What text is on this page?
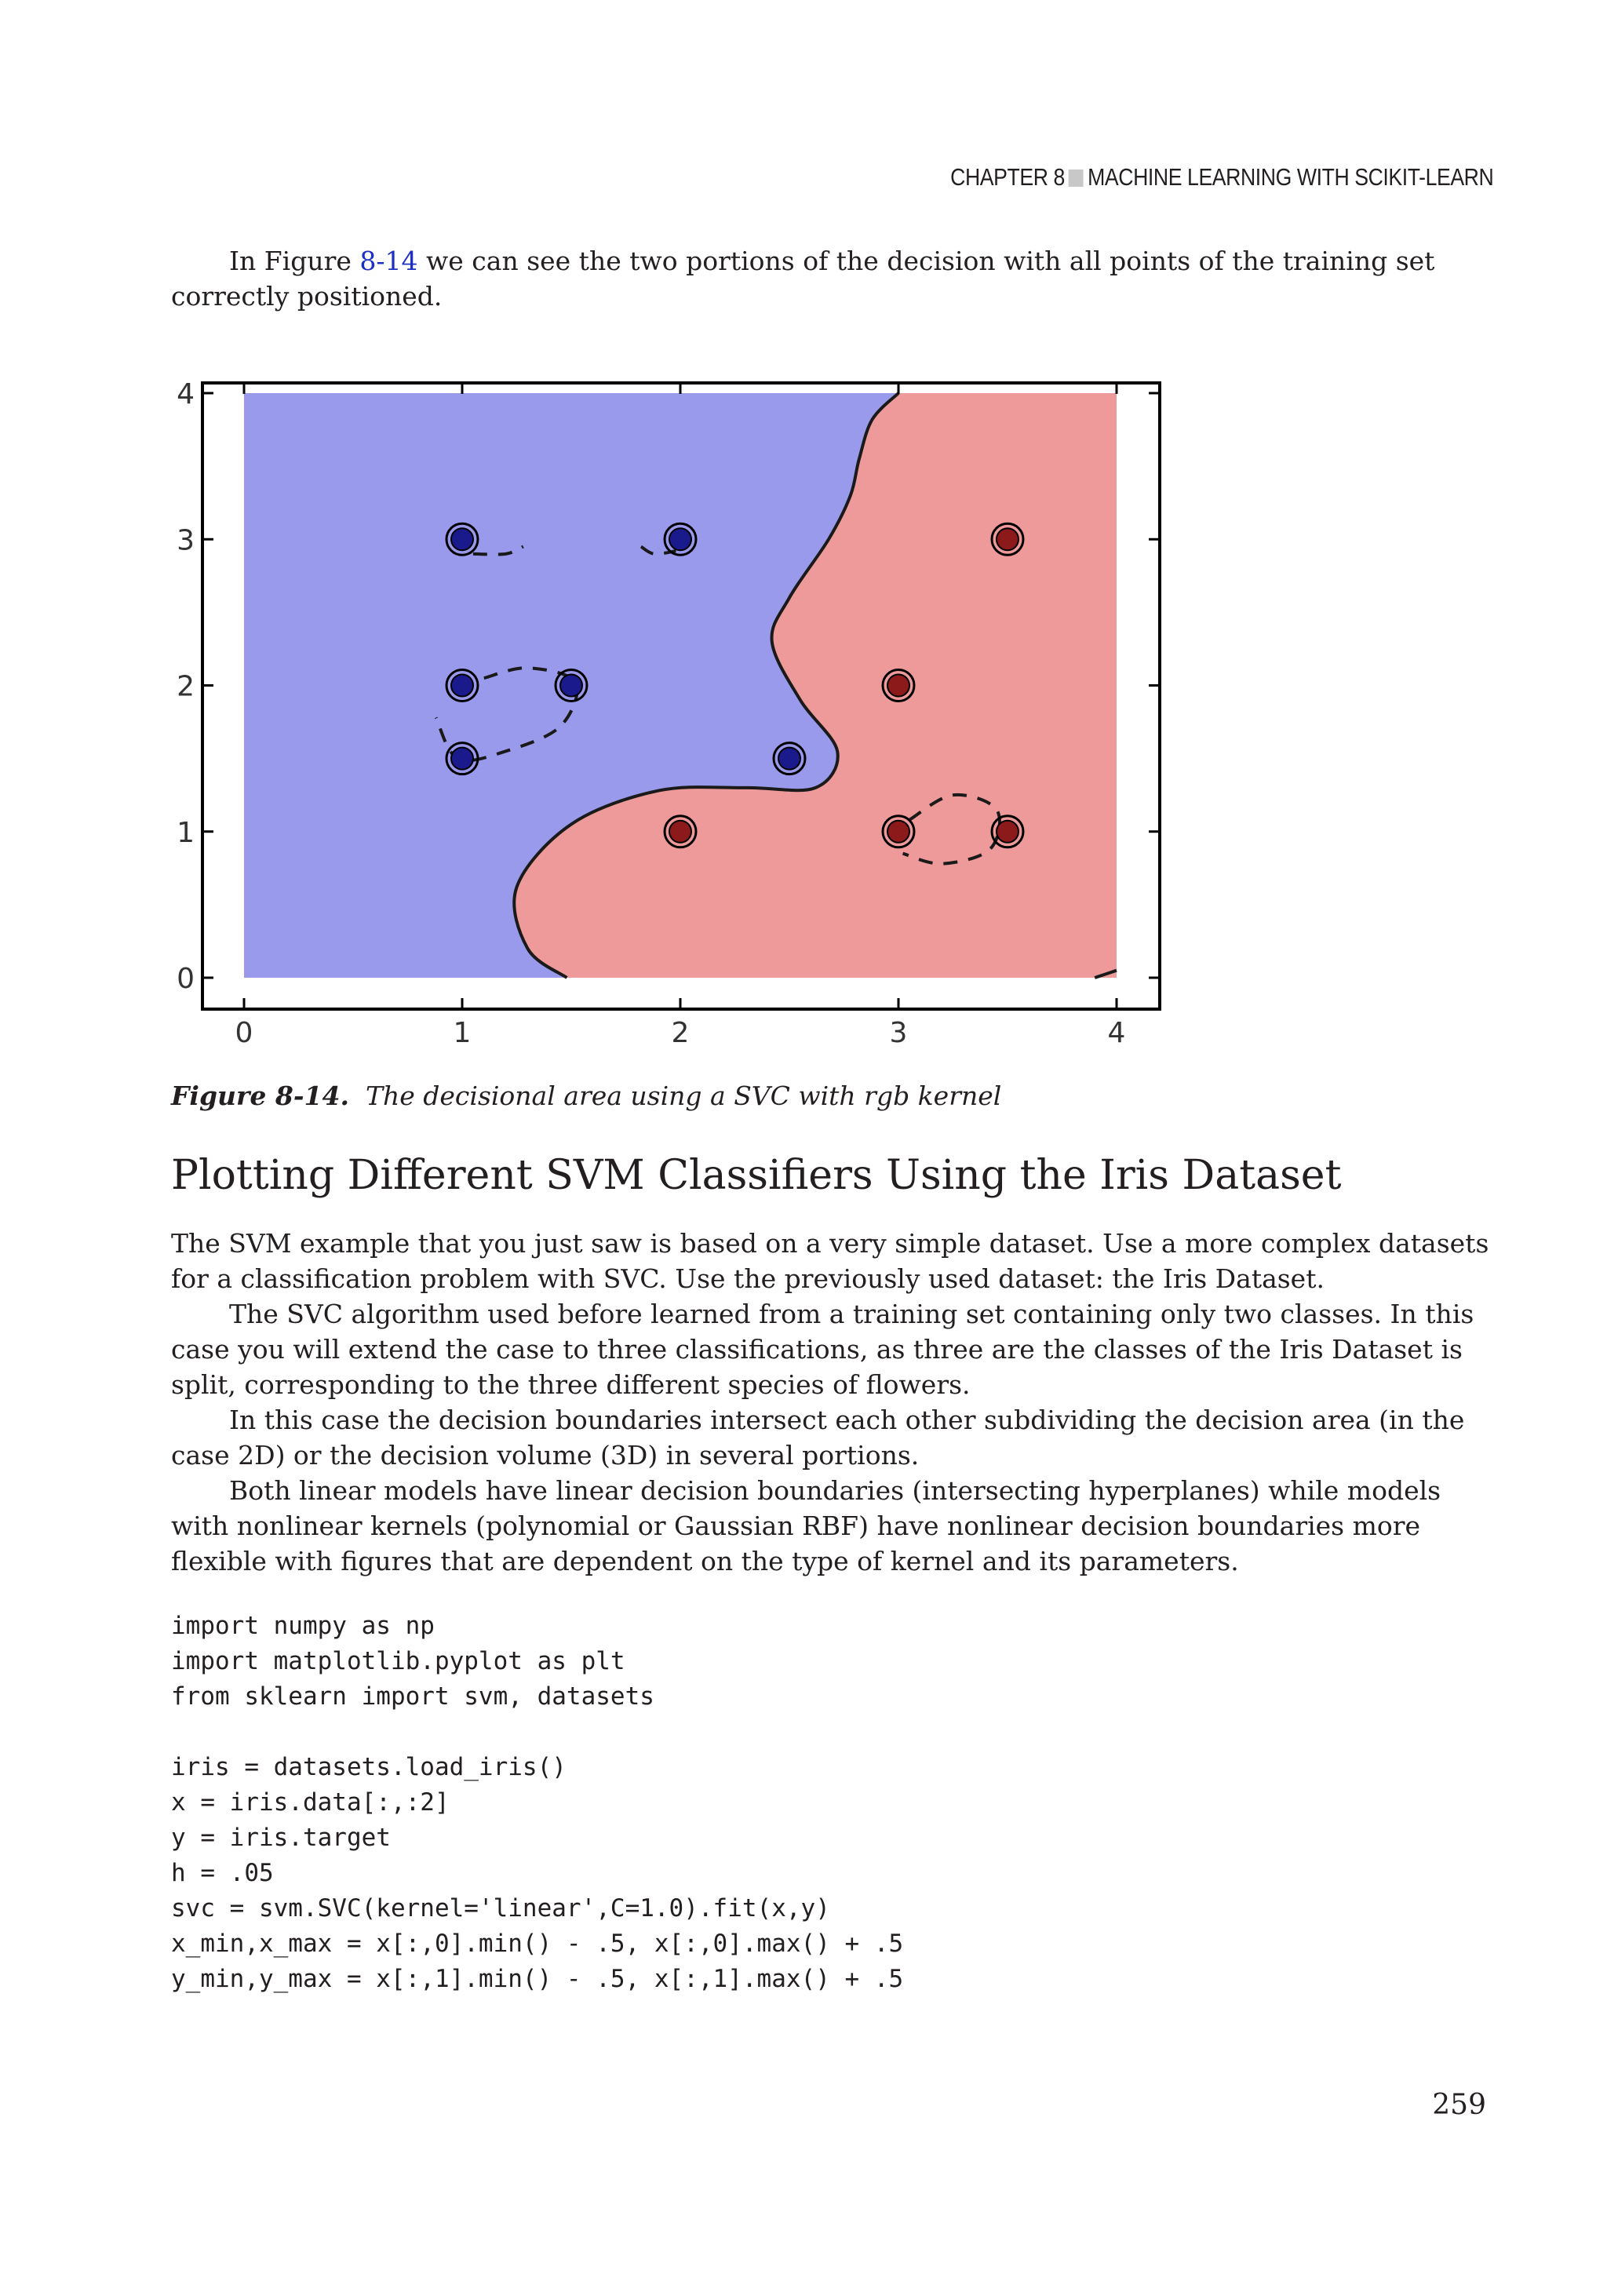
CHAPTER 8 MACHINE LEARNING WITH SCIKIT-LEARN

In Figure 8-14 we can see the two portions of the decision with all points of the training set correctly positioned.

0	1	2	3	4
0
1
2
3
4

Figure 8-14. The decisional area using a SVC with rgb kernel

Plotting Different SVM Classifiers Using the Iris Dataset

The SVM example that you just saw is based on a very simple dataset. Use a more complex datasets for a classification problem with SVC. Use the previously used dataset: the Iris Dataset.

The SVC algorithm used before learned from a training set containing only two classes. In this case you will extend the case to three classifications, as three are the classes of the Iris Dataset is split, corresponding to the three different species of flowers.

In this case the decision boundaries intersect each other subdividing the decision area (in the case 2D) or the decision volume (3D) in several portions.

Both linear models have linear decision boundaries (intersecting hyperplanes) while models with nonlinear kernels (polynomial or Gaussian RBF) have nonlinear decision boundaries more flexible with figures that are dependent on the type of kernel and its parameters.

import numpy as np
import matplotlib.pyplot as plt
from sklearn import svm, datasets

iris = datasets.load_iris()
x = iris.data[:,:2]
y = iris.target
h = .05
svc = svm.SVC(kernel='linear',C=1.0).fit(x,y)
x_min,x_max = x[:,0].min() - .5, x[:,0].max() + .5
y_min,y_max = x[:,1].min() - .5, x[:,1].max() + .5
259
